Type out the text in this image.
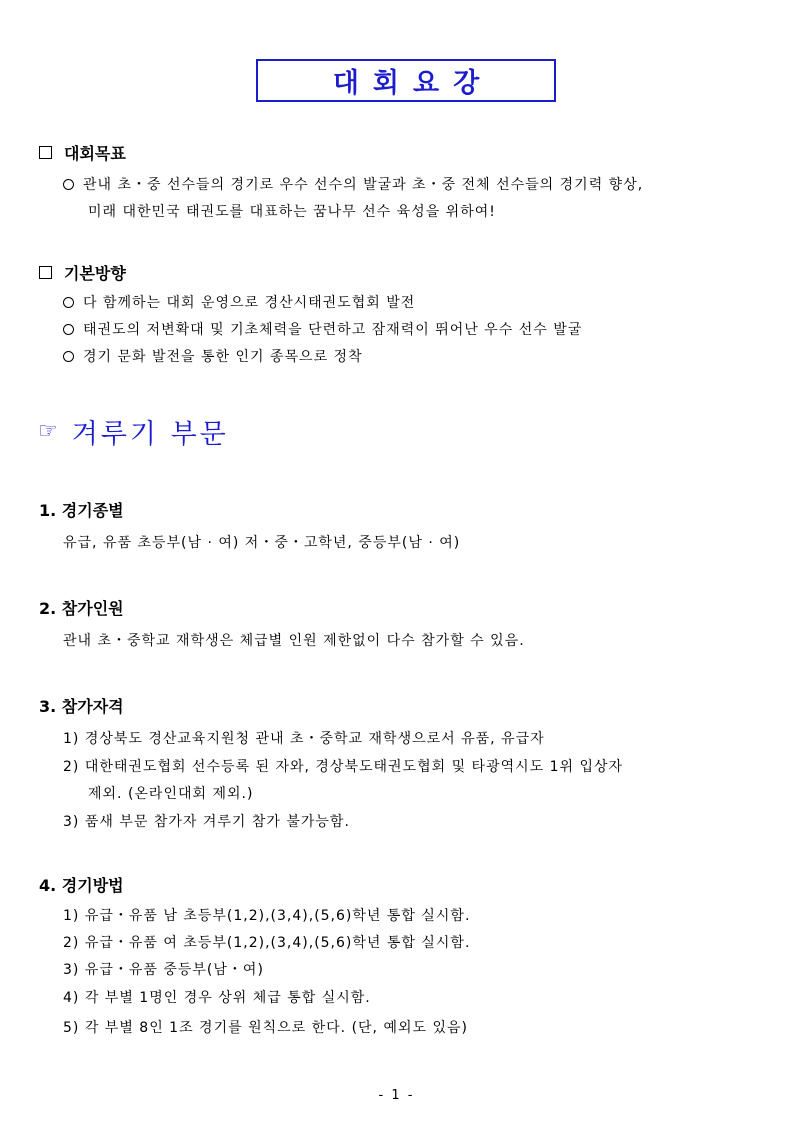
대회요강
대회목표
관내 초・중 선수들의 경기로 우수 선수의 발굴과 초・중 전체 선수들의 경기력 향상,
미래 대한민국 태권도를 대표하는 꿈나무 선수 육성을 위하여!
기본방향
다 함께하는 대회 운영으로 경산시태권도협회 발전
태권도의 저변확대 및 기초체력을 단련하고 잠재력이 뛰어난 우수 선수 발굴
경기 문화 발전을 통한 인기 종목으로 정착
☞ 겨루기 부문
1. 경기종별
유급, 유품 초등부(남 · 여) 저・중・고학년, 중등부(남 · 여)
2. 참가인원
관내 초・중학교 재학생은 체급별 인원 제한없이 다수 참가할 수 있음.
3. 참가자격
1) 경상북도 경산교육지원청 관내 초・중학교 재학생으로서 유품, 유급자
2) 대한태권도협회 선수등록 된 자와, 경상북도태권도협회 및 타광역시도 1위 입상자
제외. (온라인대회 제외.)
3) 품새 부문 참가자 겨루기 참가 불가능함.
4. 경기방법
1) 유급・유품 남 초등부(1,2),(3,4),(5,6)학년 통합 실시함.
2) 유급・유품 여 초등부(1,2),(3,4),(5,6)학년 통합 실시함.
3) 유급・유품 중등부(남・여)
4) 각 부별 1명인 경우 상위 체급 통합 실시함.
5) 각 부별 8인 1조 경기를 원칙으로 한다. (단, 예외도 있음)
- 1 -
